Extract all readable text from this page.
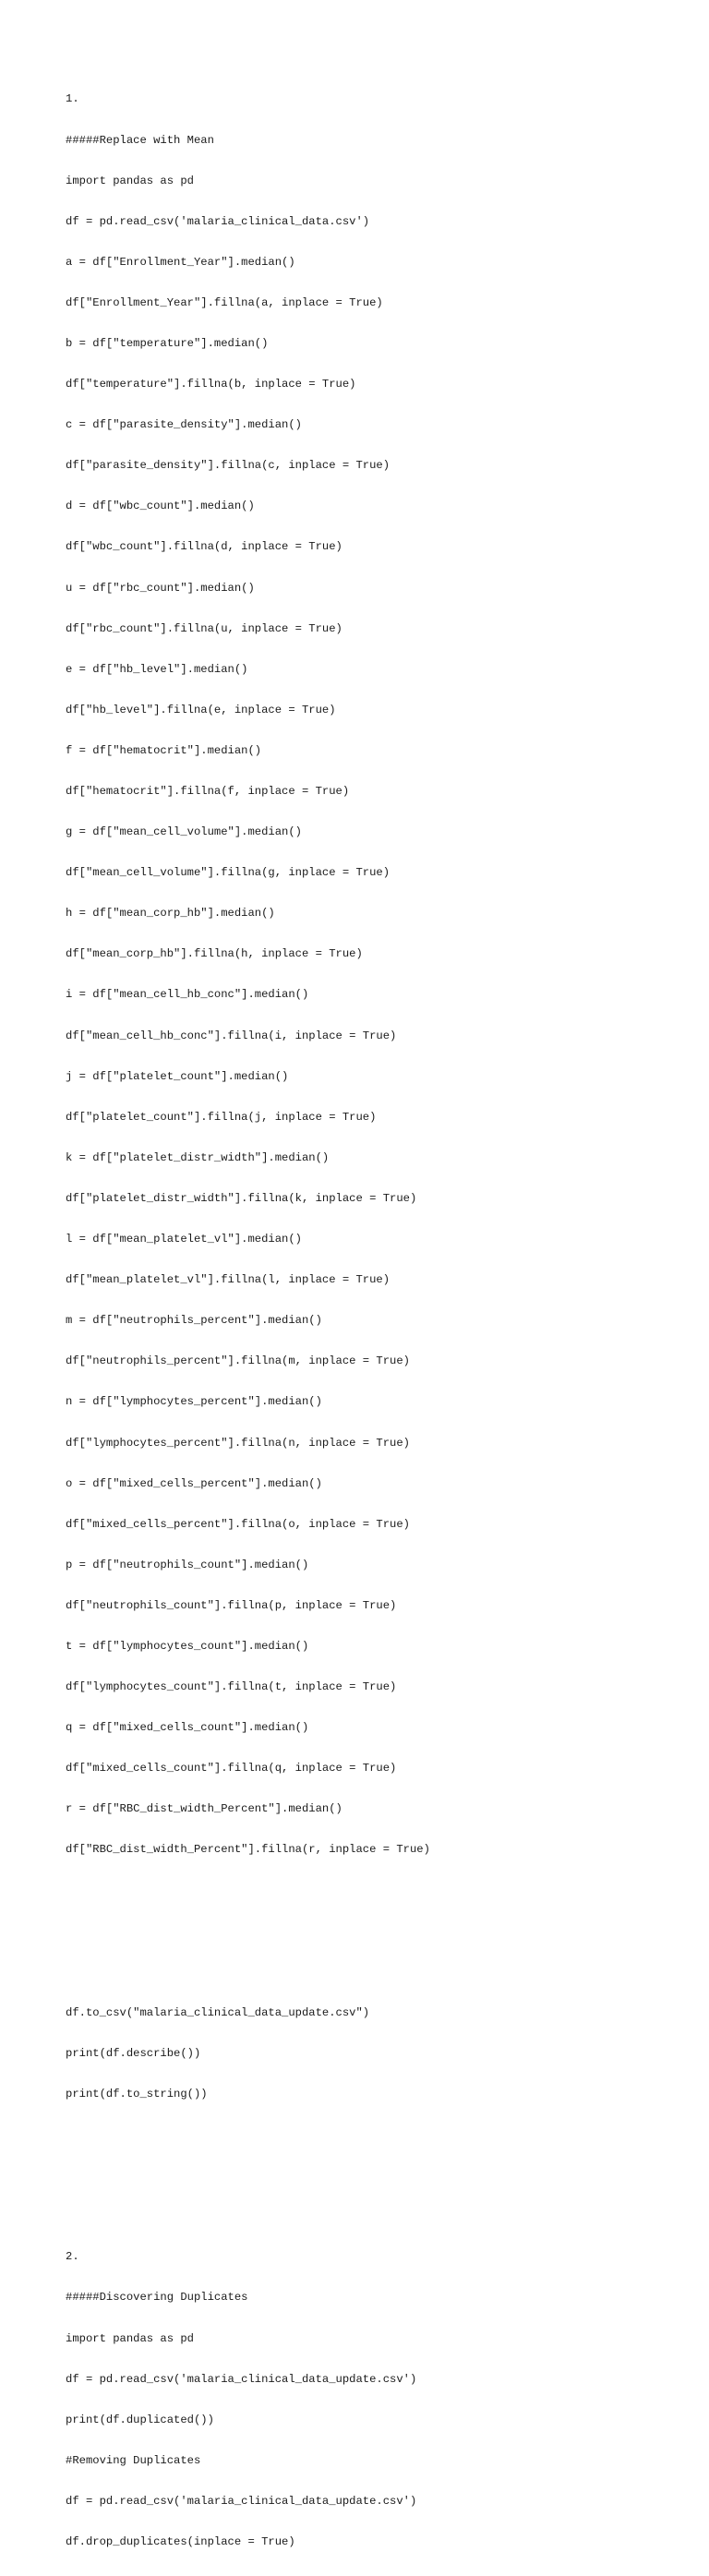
1.

#####Replace with Mean

import pandas as pd

df = pd.read_csv('malaria_clinical_data.csv')

a = df["Enrollment_Year"].median()

df["Enrollment_Year"].fillna(a, inplace = True)

b = df["temperature"].median()

df["temperature"].fillna(b, inplace = True)

c = df["parasite_density"].median()

df["parasite_density"].fillna(c, inplace = True)

d = df["wbc_count"].median()

df["wbc_count"].fillna(d, inplace = True)

u = df["rbc_count"].median()

df["rbc_count"].fillna(u, inplace = True)

e = df["hb_level"].median()

df["hb_level"].fillna(e, inplace = True)

f = df["hematocrit"].median()

df["hematocrit"].fillna(f, inplace = True)

g = df["mean_cell_volume"].median()

df["mean_cell_volume"].fillna(g, inplace = True)

h = df["mean_corp_hb"].median()

df["mean_corp_hb"].fillna(h, inplace = True)

i = df["mean_cell_hb_conc"].median()

df["mean_cell_hb_conc"].fillna(i, inplace = True)

j = df["platelet_count"].median()

df["platelet_count"].fillna(j, inplace = True)

k = df["platelet_distr_width"].median()

df["platelet_distr_width"].fillna(k, inplace = True)

l = df["mean_platelet_vl"].median()

df["mean_platelet_vl"].fillna(l, inplace = True)

m = df["neutrophils_percent"].median()

df["neutrophils_percent"].fillna(m, inplace = True)

n = df["lymphocytes_percent"].median()

df["lymphocytes_percent"].fillna(n, inplace = True)

o = df["mixed_cells_percent"].median()

df["mixed_cells_percent"].fillna(o, inplace = True)

p = df["neutrophils_count"].median()

df["neutrophils_count"].fillna(p, inplace = True)

t = df["lymphocytes_count"].median()

df["lymphocytes_count"].fillna(t, inplace = True)

q = df["mixed_cells_count"].median()

df["mixed_cells_count"].fillna(q, inplace = True)

r = df["RBC_dist_width_Percent"].median()

df["RBC_dist_width_Percent"].fillna(r, inplace = True)

df.to_csv("malaria_clinical_data_update.csv")

print(df.describe())

print(df.to_string())

2.

#####Discovering Duplicates

import pandas as pd

df = pd.read_csv('malaria_clinical_data_update.csv')

print(df.duplicated())

#Removing Duplicates

df = pd.read_csv('malaria_clinical_data_update.csv')

df.drop_duplicates(inplace = True)
